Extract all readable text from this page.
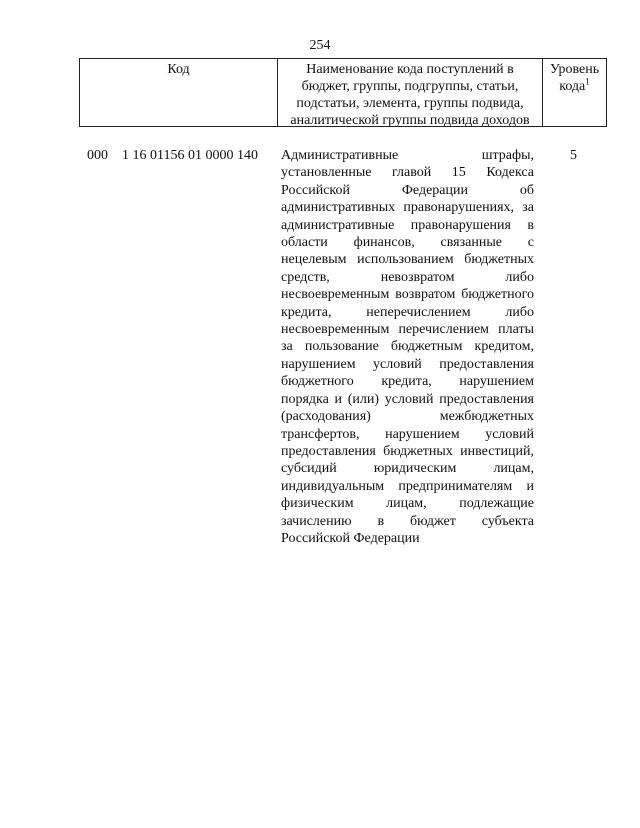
254
Код	Наименование кода поступлений в бюджет, группы, подгруппы, статьи, подстатьи, элемента, группы подвида, аналитической группы подвида доходов
Уровень кода$^1$
000    1 16 01156 01 0000 140 Административные штрафы, установленные главой 15 Кодекса Российской Федерации об административных правонарушениях, за административные правонарушения в области финансов, связанные с нецелевым использованием бюджетных средств, невозвратом либо несвоевременным возвратом бюджетного кредита, неперечислением либо несвоевременным перечислением платы за пользование бюджетным кредитом, нарушением условий предоставления бюджетного кредита, нарушением порядка и (или) условий предоставления (расходования) межбюджетных трансфертов, нарушением условий предоставления бюджетных инвестиций, субсидий юридическим лицам, индивидуальным предпринимателям и физическим лицам, подлежащие зачислению в бюджет субъекта Российской Федерации
5
